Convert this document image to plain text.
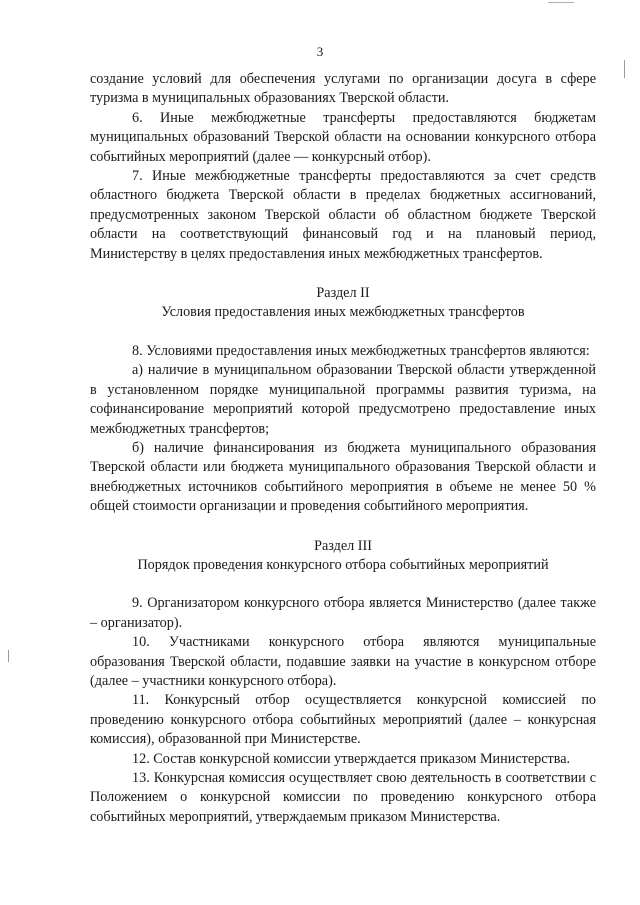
3

создание условий для обеспечения услугами по организации досуга в сфере туризма в муниципальных образованиях Тверской области.

6. Иные межбюджетные трансферты предоставляются бюджетам муниципальных образований Тверской области на основании конкурсного отбора событийных мероприятий (далее — конкурсный отбор).

7. Иные межбюджетные трансферты предоставляются за счет средств областного бюджета Тверской области в пределах бюджетных ассигнований, предусмотренных законом Тверской области об областном бюджете Тверской области на соответствующий финансовый год и на плановый период, Министерству в целях предоставления иных межбюджетных трансфертов.

Раздел II

Условия предоставления иных межбюджетных трансфертов

8. Условиями предоставления иных межбюджетных трансфертов являются:

а) наличие в муниципальном образовании Тверской области утвержденной в установленном порядке муниципальной программы развития туризма, на софинансирование мероприятий которой предусмотрено предоставление иных межбюджетных трансфертов;

б) наличие финансирования из бюджета муниципального образования Тверской области или бюджета муниципального образования Тверской области и внебюджетных источников событийного мероприятия в объеме не менее 50 % общей стоимости организации и проведения событийного мероприятия.

Раздел III

Порядок проведения конкурсного отбора событийных мероприятий

9. Организатором конкурсного отбора является Министерство (далее также – организатор).

10. Участниками конкурсного отбора являются муниципальные образования Тверской области, подавшие заявки на участие в конкурсном отборе (далее – участники конкурсного отбора).

11. Конкурсный отбор осуществляется конкурсной комиссией по проведению конкурсного отбора событийных мероприятий (далее – конкурсная комиссия), образованной при Министерстве.

12. Состав конкурсной комиссии утверждается приказом Министерства.

13. Конкурсная комиссия осуществляет свою деятельность в соответствии с Положением о конкурсной комиссии по проведению конкурсного отбора событийных мероприятий, утверждаемым приказом Министерства.
